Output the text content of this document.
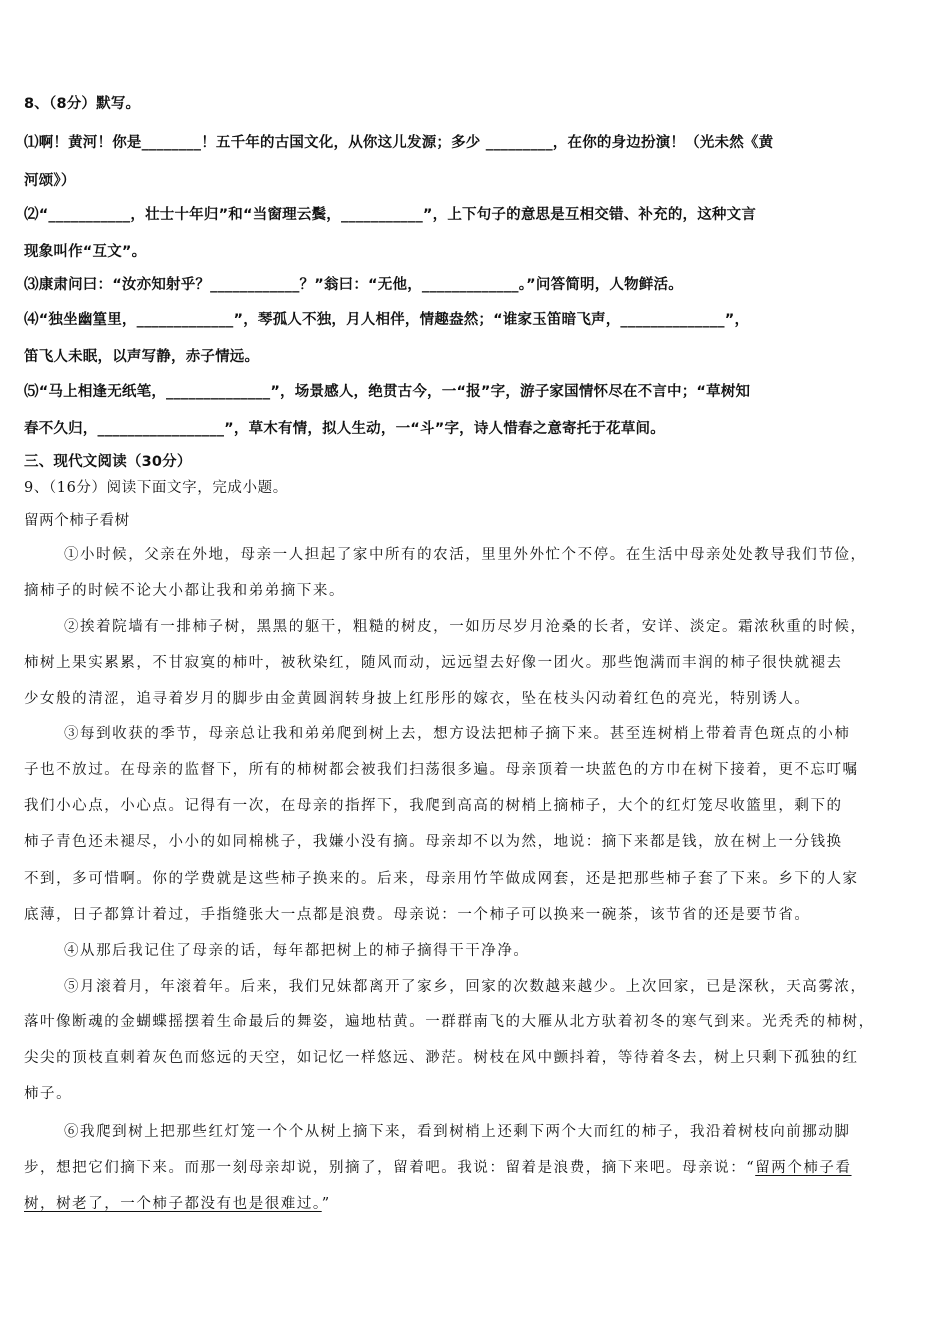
8、（8分）默写。
⑴啊！黄河！你是________！五千年的古国文化，从你这儿发源；多少 _________，在你的身边扮演！（光未然《黄
河颂》）
⑵“___________，壮士十年归”和“当窗理云鬓，___________”，上下句子的意思是互相交错、补充的，这种文言
现象叫作“互文”。
⑶康肃问曰：“汝亦知射乎？____________？”翁曰：“无他，_____________。”问答简明，人物鲜活。
⑷“独坐幽篁里，_____________”，琴孤人不独，月人相伴，情趣盎然；“谁家玉笛暗飞声，______________”，
笛飞人未眠，以声写静，赤子情远。
⑸“马上相逢无纸笔，______________”，场景感人，绝贯古今，一“报”字，游子家国情怀尽在不言中；“草树知
春不久归，_________________”，草木有情，拟人生动，一“斗”字，诗人惜春之意寄托于花草间。
三、现代文阅读（30分）
9、（16分）阅读下面文字，完成小题。
留两个柿子看树
①小时候，父亲在外地，母亲一人担起了家中所有的农活，里里外外忙个不停。在生活中母亲处处教导我们节俭，
摘柿子的时候不论大小都让我和弟弟摘下来。
②挨着院墙有一排柿子树，黑黑的躯干，粗糙的树皮，一如历尽岁月沧桑的长者，安详、淡定。霜浓秋重的时候，
柿树上果实累累，不甘寂寞的柿叶，被秋染红，随风而动，远远望去好像一团火。那些饱满而丰润的柿子很快就褪去
少女般的清涩，追寻着岁月的脚步由金黄圆润转身披上红彤彤的嫁衣，坠在枝头闪动着红色的亮光，特别诱人。
③每到收获的季节，母亲总让我和弟弟爬到树上去，想方设法把柿子摘下来。甚至连树梢上带着青色斑点的小柿
子也不放过。在母亲的监督下，所有的柿树都会被我们扫荡很多遍。母亲顶着一块蓝色的方巾在树下接着，更不忘叮嘱
我们小心点，小心点。记得有一次，在母亲的指挥下，我爬到高高的树梢上摘柿子，大个的红灯笼尽收篮里，剩下的
柿子青色还未褪尽，小小的如同棉桃子，我嫌小没有摘。母亲却不以为然，地说：摘下来都是钱，放在树上一分钱换
不到，多可惜啊。你的学费就是这些柿子换来的。后来，母亲用竹竿做成网套，还是把那些柿子套了下来。乡下的人家
底薄，日子都算计着过，手指缝张大一点都是浪费。母亲说：一个柿子可以换来一碗茶，该节省的还是要节省。
④从那后我记住了母亲的话，每年都把树上的柿子摘得干干净净。
⑤月滚着月，年滚着年。后来，我们兄妹都离开了家乡，回家的次数越来越少。上次回家，已是深秋，天高雾浓，
落叶像断魂的金蝴蝶摇摆着生命最后的舞姿，遍地枯黄。一群群南飞的大雁从北方驮着初冬的寒气到来。光秃秃的柿树，
尖尖的顶枝直刺着灰色而悠远的天空，如记忆一样悠远、渺茫。树枝在风中颤抖着，等待着冬去，树上只剩下孤独的红
柿子。
⑥我爬到树上把那些红灯笼一个个从树上摘下来，看到树梢上还剩下两个大而红的柿子，我沿着树枝向前挪动脚
步，想把它们摘下来。而那一刻母亲却说，别摘了，留着吧。我说：留着是浪费，摘下来吧。母亲说：“留两个柿子看
树，树老了，一个柿子都没有也是很难过。”
